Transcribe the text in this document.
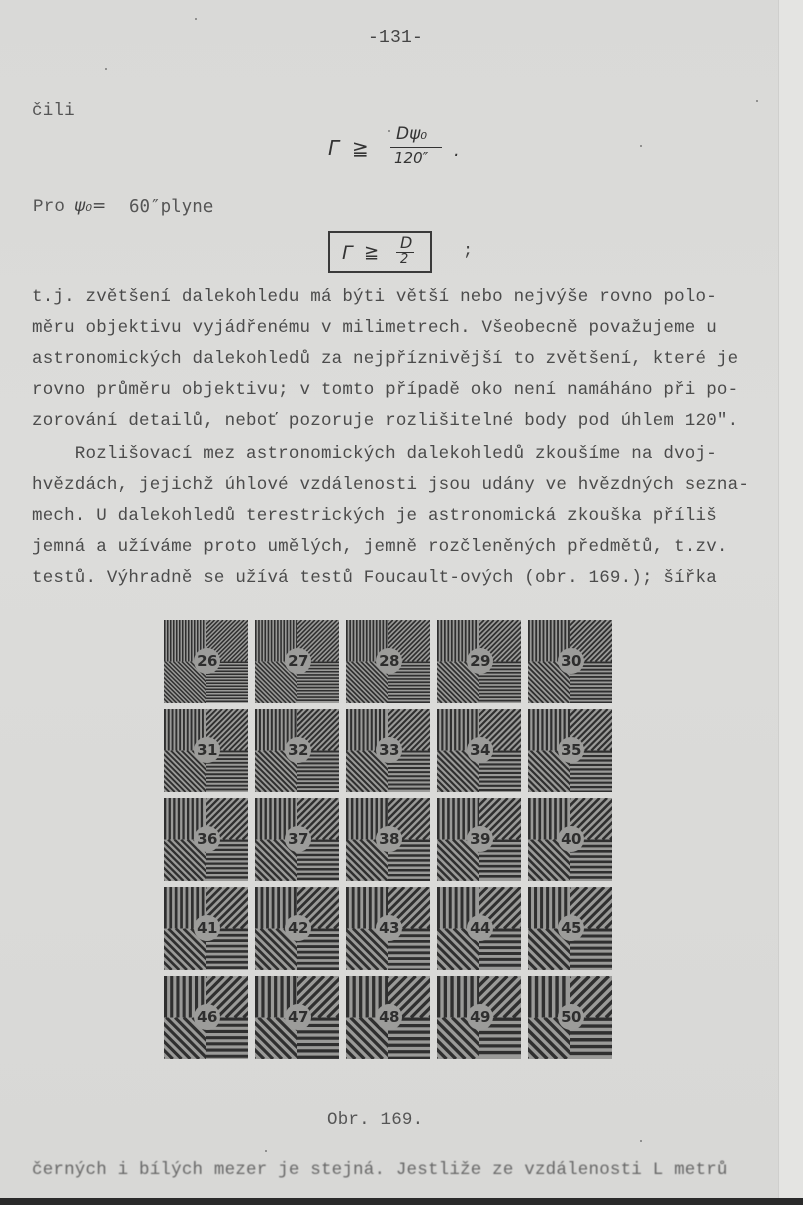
-131-
čili
Γ ≧
Dψ₀
120″ .
Pro ψ₀= 60″plyne
Γ ≧ D
2	;
t.j. zvětšení dalekohledu má býti větší nebo nejvýše rovno polo-
měru objektivu vyjádřenému v milimetrech. Všeobecně považujeme u
astronomických dalekohledů za nejpříznivější to zvětšení, které je
rovno průměru objektivu; v tomto případě oko není namáháno při po-
zorování detailů, neboť pozoruje rozlišitelné body pod úhlem 120″.
Rozlišovací mez astronomických dalekohledů zkoušíme na dvoj-
hvězdách, jejichž úhlové vzdálenosti jsou udány ve hvězdných sezna-
mech. U dalekohledů terestrických je astronomická zkouška příliš
jemná a užíváme proto umělých, jemně rozčleněných předmětů, t.zv.
testů. Výhradně se užívá testů Foucault-ových (obr. 169.); šířka
26	27	28	29	30
31	32	33	34	35
36	37	38	39	40
41	42	43	44	45
46	47	48	49	50
Obr. 169.
černých i bílých mezer je stejná. Jestliže ze vzdálenosti L metrů
